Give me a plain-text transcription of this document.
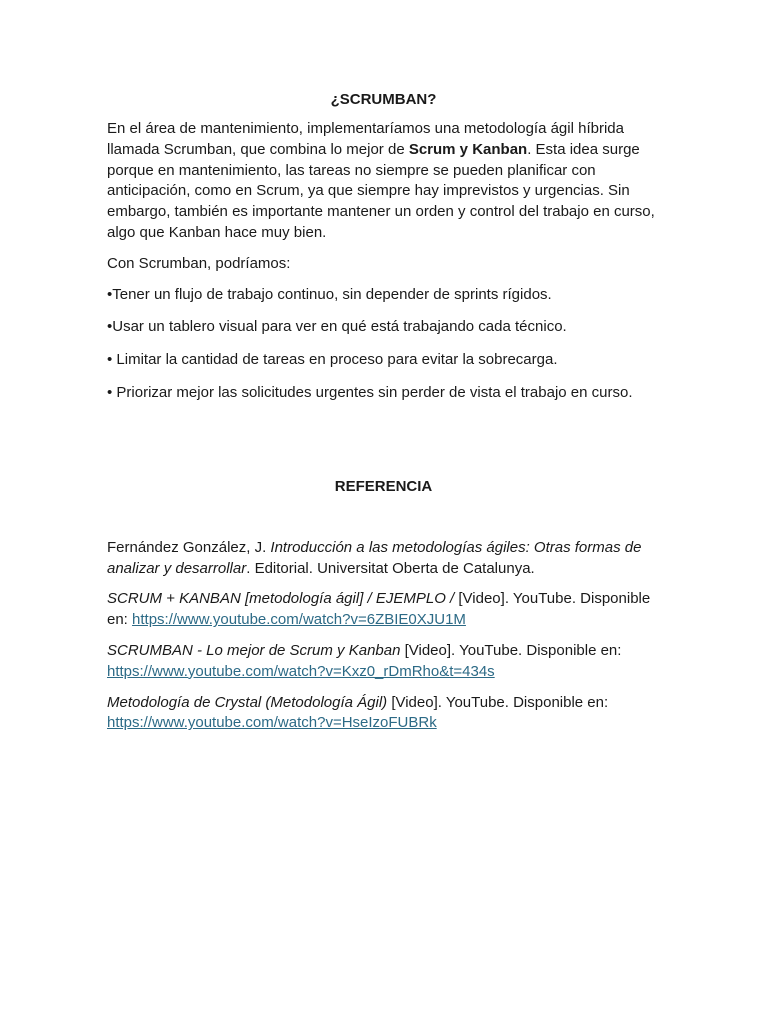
¿SCRUMBAN?

En el área de mantenimiento, implementaríamos una metodología ágil híbrida llamada Scrumban, que combina lo mejor de Scrum y Kanban. Esta idea surge porque en mantenimiento, las tareas no siempre se pueden planificar con anticipación, como en Scrum, ya que siempre hay imprevistos y urgencias. Sin embargo, también es importante mantener un orden y control del trabajo en curso, algo que Kanban hace muy bien.

Con Scrumban, podríamos:

•Tener un flujo de trabajo continuo, sin depender de sprints rígidos.

•Usar un tablero visual para ver en qué está trabajando cada técnico.

• Limitar la cantidad de tareas en proceso para evitar la sobrecarga.

• Priorizar mejor las solicitudes urgentes sin perder de vista el trabajo en curso.

REFERENCIA

Fernández González, J. Introducción a las metodologías ágiles: Otras formas de analizar y desarrollar. Editorial. Universitat Oberta de Catalunya.

SCRUM + KANBAN [metodología ágil] / EJEMPLO / [Video]. YouTube. Disponible en: https://www.youtube.com/watch?v=6ZBIE0XJU1M

SCRUMBAN - Lo mejor de Scrum y Kanban [Video]. YouTube. Disponible en: https://www.youtube.com/watch?v=Kxz0_rDmRho&t=434s

Metodología de Crystal (Metodología Ágil) [Video]. YouTube. Disponible en: https://www.youtube.com/watch?v=HseIzoFUBRk
